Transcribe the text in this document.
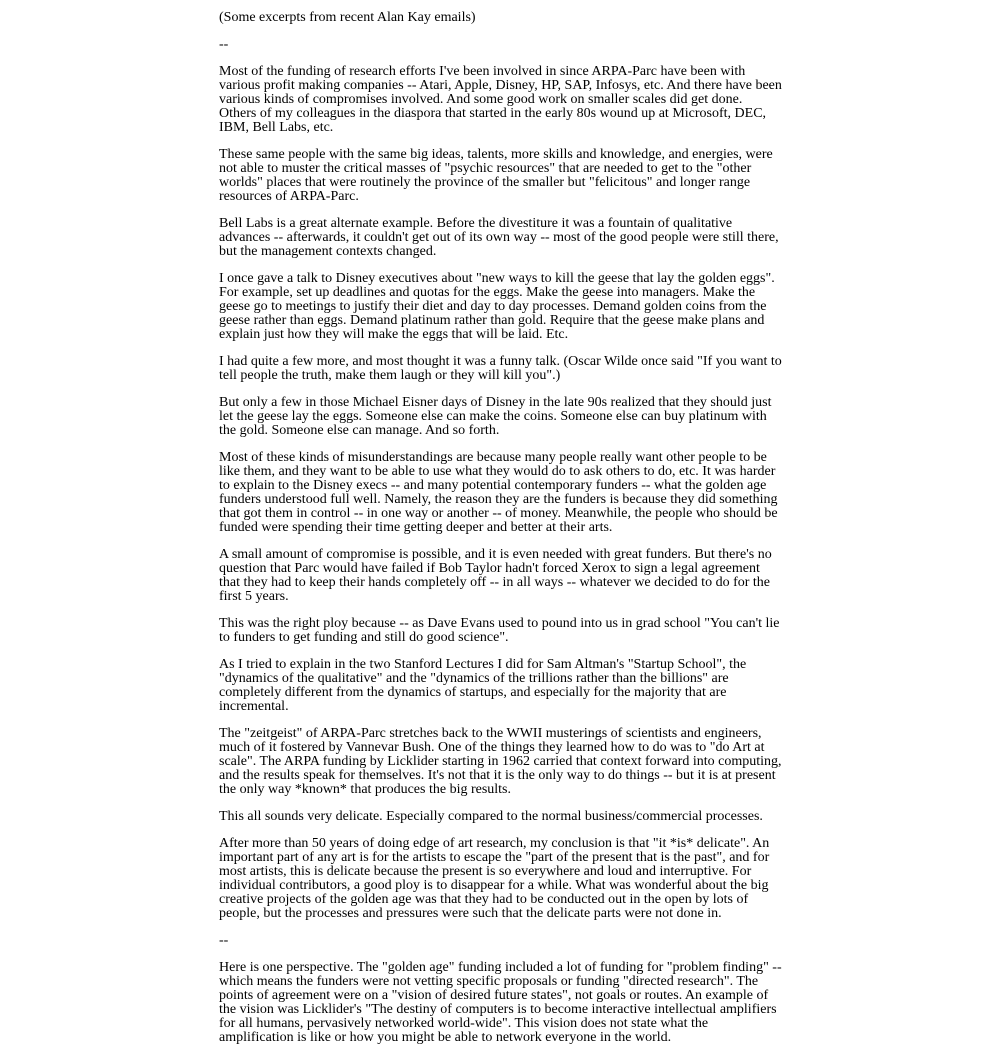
(Some excerpts from recent Alan Kay emails)

--

Most of the funding of research efforts I've been involved in since ARPA-Parc have been with various profit making companies -- Atari, Apple, Disney, HP, SAP, Infosys, etc. And there have been various kinds of compromises involved. And some good work on smaller scales did get done. Others of my colleagues in the diaspora that started in the early 80s wound up at Microsoft, DEC, IBM, Bell Labs, etc.

These same people with the same big ideas, talents, more skills and knowledge, and energies, were not able to muster the critical masses of "psychic resources" that are needed to get to the "other worlds" places that were routinely the province of the smaller but "felicitous" and longer range resources of ARPA-Parc.

Bell Labs is a great alternate example. Before the divestiture it was a fountain of qualitative advances -- afterwards, it couldn't get out of its own way -- most of the good people were still there, but the management contexts changed.

I once gave a talk to Disney executives about "new ways to kill the geese that lay the golden eggs". For example, set up deadlines and quotas for the eggs. Make the geese into managers. Make the geese go to meetings to justify their diet and day to day processes. Demand golden coins from the geese rather than eggs. Demand platinum rather than gold. Require that the geese make plans and explain just how they will make the eggs that will be laid. Etc.

I had quite a few more, and most thought it was a funny talk. (Oscar Wilde once said "If you want to tell people the truth, make them laugh or they will kill you".)

But only a few in those Michael Eisner days of Disney in the late 90s realized that they should just let the geese lay the eggs. Someone else can make the coins. Someone else can buy platinum with the gold. Someone else can manage. And so forth.

Most of these kinds of misunderstandings are because many people really want other people to be like them, and they want to be able to use what they would do to ask others to do, etc. It was harder to explain to the Disney execs -- and many potential contemporary funders -- what the golden age funders understood full well. Namely, the reason they are the funders is because they did something that got them in control -- in one way or another -- of money. Meanwhile, the people who should be funded were spending their time getting deeper and better at their arts.

A small amount of compromise is possible, and it is even needed with great funders. But there's no question that Parc would have failed if Bob Taylor hadn't forced Xerox to sign a legal agreement that they had to keep their hands completely off -- in all ways -- whatever we decided to do for the first 5 years.

This was the right ploy because -- as Dave Evans used to pound into us in grad school "You can't lie to funders to get funding and still do good science".

As I tried to explain in the two Stanford Lectures I did for Sam Altman's "Startup School", the "dynamics of the qualitative" and the "dynamics of the trillions rather than the billions" are completely different from the dynamics of startups, and especially for the majority that are incremental.

The "zeitgeist" of ARPA-Parc stretches back to the WWII musterings of scientists and engineers, much of it fostered by Vannevar Bush. One of the things they learned how to do was to "do Art at scale". The ARPA funding by Licklider starting in 1962 carried that context forward into computing, and the results speak for themselves. It's not that it is the only way to do things -- but it is at present the only way *known* that produces the big results.

This all sounds very delicate. Especially compared to the normal business/commercial processes.

After more than 50 years of doing edge of art research, my conclusion is that "it *is* delicate". An important part of any art is for the artists to escape the "part of the present that is the past", and for most artists, this is delicate because the present is so everywhere and loud and interruptive. For individual contributors, a good ploy is to disappear for a while. What was wonderful about the big creative projects of the golden age was that they had to be conducted out in the open by lots of people, but the processes and pressures were such that the delicate parts were not done in.

--

Here is one perspective. The "golden age" funding included a lot of funding for "problem finding" -- which means the funders were not vetting specific proposals or funding "directed research". The points of agreement were on a "vision of desired future states", not goals or routes. An example of the vision was Licklider's "The destiny of computers is to become interactive intellectual amplifiers for all humans, pervasively networked world-wide". This vision does not state what the amplification is like or how you might be able to network everyone in the world.
